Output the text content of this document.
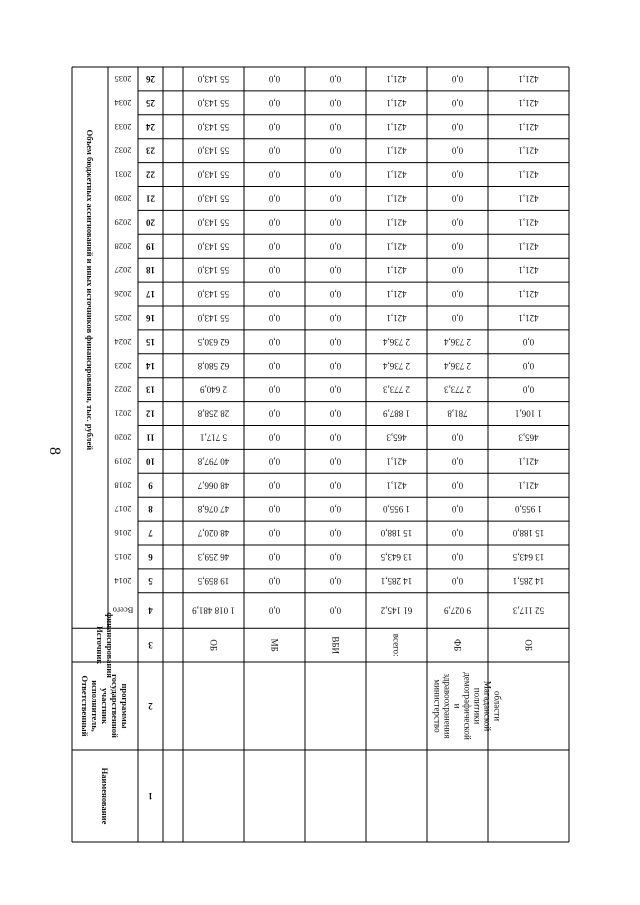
8
2035 26
2034 25
2033 24
2032 23
2031 22
2030 21
2029 20
2028 19
2027 18
2026 17
2025 16
2024 15
2023 14
2022 13
2021 12
2020 11
2019 10
2018 9
2017 8
2016 7
2015 6
2014 5
Всего 4
3
2
1
Объем бюджетных ассигнований и иных источников финансирования, тыс. рублей
Наименование
Ответственный исполнитель, участник государственной программы
Источник финансирования	ОБ
1 018 481,9
19 859,5
46 259,3
48 020,7
47 076,8
48 066,7
40 797,8
5 717,1
28 258,8
2 640,9
62 580,8
62 630,5
55 143,0
55 143,0
55 143,0
55 143,0
55 143,0
55 143,0
55 143,0
55 143,0
55 143,0
55 143,0
55 143,0
МБ
0,0
0,0
0,0
0,0
0,0
0,0
0,0
0,0
0,0
0,0
0,0
0,0
0,0
0,0
0,0
0,0
0,0
0,0
0,0
0,0
0,0
0,0
0,0
ВБИ
0,0
0,0
0,0
0,0
0,0
0,0
0,0
0,0
0,0
0,0
0,0
0,0
0,0
0,0
0,0
0,0
0,0
0,0
0,0
0,0
0,0
0,0
0,0
всего:
61 145,2
14 285,1
13 643,5
15 188,0
1 955,0
421,1
421,1
465,3
1 887,9
2 773,3
2 736,4
2 736,4
421,1
421,1
421,1
421,1
421,1
421,1
421,1
421,1
421,1
421,1
421,1
ФБ
9 027,9
0,0
0,0
0,0
0,0
0,0
0,0
0,0
781,8
2 773,3
2 736,4
2 736,4
0,0
0,0
0,0
0,0
0,0
0,0
0,0
0,0
0,0
0,0
0,0
ОБ
52 117,3
14 285,1
13 643,5
15 188,0
1 955,0
421,1
421,1
465,3
1 106,1
0,0
0,0
0,0
421,1
421,1
421,1
421,1
421,1
421,1
421,1
421,1
421,1
421,1
421,1
министерство здравоохранения и демографической политики Магаданской области
